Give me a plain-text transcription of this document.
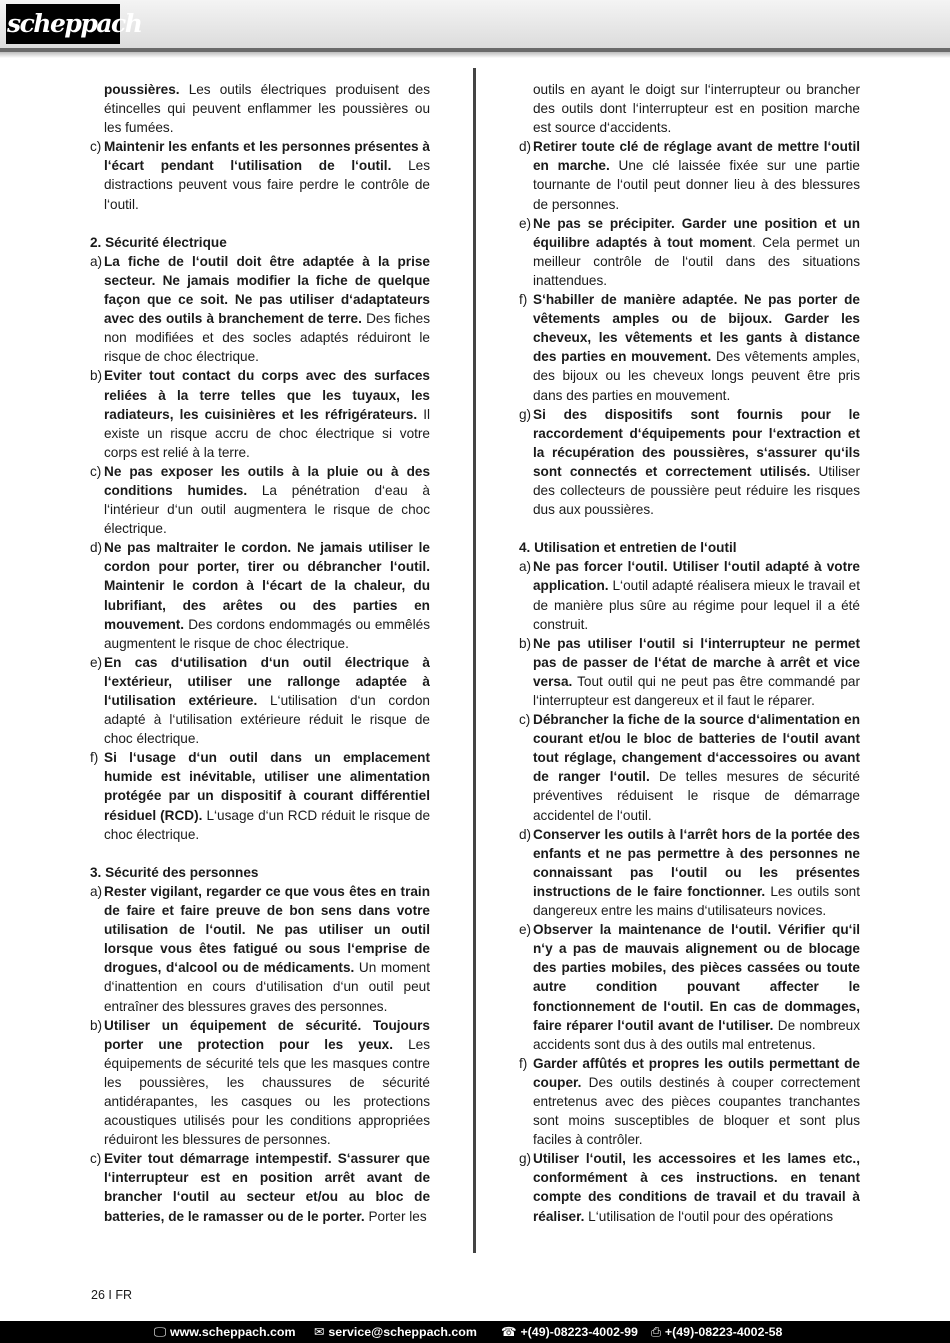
scheppach
poussières. Les outils électriques produisent des étincelles qui peuvent enflammer les poussières ou les fumées.
c) Maintenir les enfants et les personnes présentes à l‘écart pendant l‘utilisation de l‘outil. Les distractions peuvent vous faire perdre le contrôle de l‘outil.
2. Sécurité électrique
a) La fiche de l‘outil doit être adaptée à la prise secteur. Ne jamais modifier la fiche de quelque façon que ce soit. Ne pas utiliser d‘adaptateurs avec des outils à branchement de terre. Des fiches non modifiées et des socles adaptés réduiront le risque de choc électrique.
b) Eviter tout contact du corps avec des surfaces reliées à la terre telles que les tuyaux, les radiateurs, les cuisinières et les réfrigérateurs. Il existe un risque accru de choc électrique si votre corps est relié à la terre.
c) Ne pas exposer les outils à la pluie ou à des conditions humides. La pénétration d‘eau à l‘intérieur d‘un outil augmentera le risque de choc électrique.
d) Ne pas maltraiter le cordon. Ne jamais utiliser le cordon pour porter, tirer ou débrancher l‘outil. Maintenir le cordon à l‘écart de la chaleur, du lubrifiant, des arêtes ou des parties en mouvement. Des cordons endommagés ou emmêlés augmentent le risque de choc électrique.
e) En cas d‘utilisation d‘un outil électrique à l‘extérieur, utiliser une rallonge adaptée à l‘utilisation extérieure. L‘utilisation d‘un cordon adapté à l‘utilisation extérieure réduit le risque de choc électrique.
f) Si l‘usage d‘un outil dans un emplacement humide est inévitable, utiliser une alimentation protégée par un dispositif à courant différentiel résiduel (RCD). L‘usage d‘un RCD réduit le risque de choc électrique.
3. Sécurité des personnes
a) Rester vigilant, regarder ce que vous êtes en train de faire et faire preuve de bon sens dans votre utilisation de l‘outil. Ne pas utiliser un outil lorsque vous êtes fatigué ou sous l‘emprise de drogues, d‘alcool ou de médicaments. Un moment d‘inattention en cours d‘utilisation d‘un outil peut entraîner des blessures graves des personnes.
b) Utiliser un équipement de sécurité. Toujours porter une protection pour les yeux. Les équipements de sécurité tels que les masques contre les poussières, les chaussures de sécurité antidérapantes, les casques ou les protections acoustiques utilisés pour les conditions appropriées réduiront les blessures de personnes.
c) Eviter tout démarrage intempestif. S‘assurer que l‘interrupteur est en position arrêt avant de brancher l‘outil au secteur et/ou au bloc de batteries, de le ramasser ou de le porter. Porter les
outils en ayant le doigt sur l‘interrupteur ou brancher des outils dont l‘interrupteur est en position marche est source d‘accidents.
d) Retirer toute clé de réglage avant de mettre l‘outil en marche. Une clé laissée fixée sur une partie tournante de l‘outil peut donner lieu à des blessures de personnes.
e) Ne pas se précipiter. Garder une position et un équilibre adaptés à tout moment. Cela permet un meilleur contrôle de l‘outil dans des situations inattendues.
f) S‘habiller de manière adaptée. Ne pas porter de vêtements amples ou de bijoux. Garder les cheveux, les vêtements et les gants à distance des parties en mouvement. Des vêtements amples, des bijoux ou les cheveux longs peuvent être pris dans des parties en mouvement.
g) Si des dispositifs sont fournis pour le raccordement d‘équipements pour l‘extraction et la récupération des poussières, s‘assurer qu‘ils sont connectés et correctement utilisés. Utiliser des collecteurs de poussière peut réduire les risques dus aux poussières.
4. Utilisation et entretien de l‘outil
a) Ne pas forcer l‘outil. Utiliser l‘outil adapté à votre application. L‘outil adapté réalisera mieux le travail et de manière plus sûre au régime pour lequel il a été construit.
b) Ne pas utiliser l‘outil si l‘interrupteur ne permet pas de passer de l‘état de marche à arrêt et vice versa. Tout outil qui ne peut pas être commandé par l‘interrupteur est dangereux et il faut le réparer.
c) Débrancher la fiche de la source d‘alimentation en courant et/ou le bloc de batteries de l‘outil avant tout réglage, changement d‘accessoires ou avant de ranger l‘outil. De telles mesures de sécurité préventives réduisent le risque de démarrage accidentel de l‘outil.
d) Conserver les outils à l‘arrêt hors de la portée des enfants et ne pas permettre à des personnes ne connaissant pas l‘outil ou les présentes instructions de le faire fonctionner. Les outils sont dangereux entre les mains d‘utilisateurs novices.
e) Observer la maintenance de l‘outil. Vérifier qu‘il n‘y a pas de mauvais alignement ou de blocage des parties mobiles, des pièces cassées ou toute autre condition pouvant affecter le fonctionnement de l‘outil. En cas de dommages, faire réparer l‘outil avant de l‘utiliser. De nombreux accidents sont dus à des outils mal entretenus.
f) Garder affûtés et propres les outils permettant de couper. Des outils destinés à couper correctement entretenus avec des pièces coupantes tranchantes sont moins susceptibles de bloquer et sont plus faciles à contrôler.
g) Utiliser l‘outil, les accessoires et les lames etc., conformément à ces instructions. en tenant compte des conditions de travail et du travail à réaliser. L‘utilisation de l‘outil pour des opérations
26 I FR
🖵 www.scheppach.com ✉ service@scheppach.com ☎ +(49)-08223-4002-99 ⎙ +(49)-08223-4002-58
